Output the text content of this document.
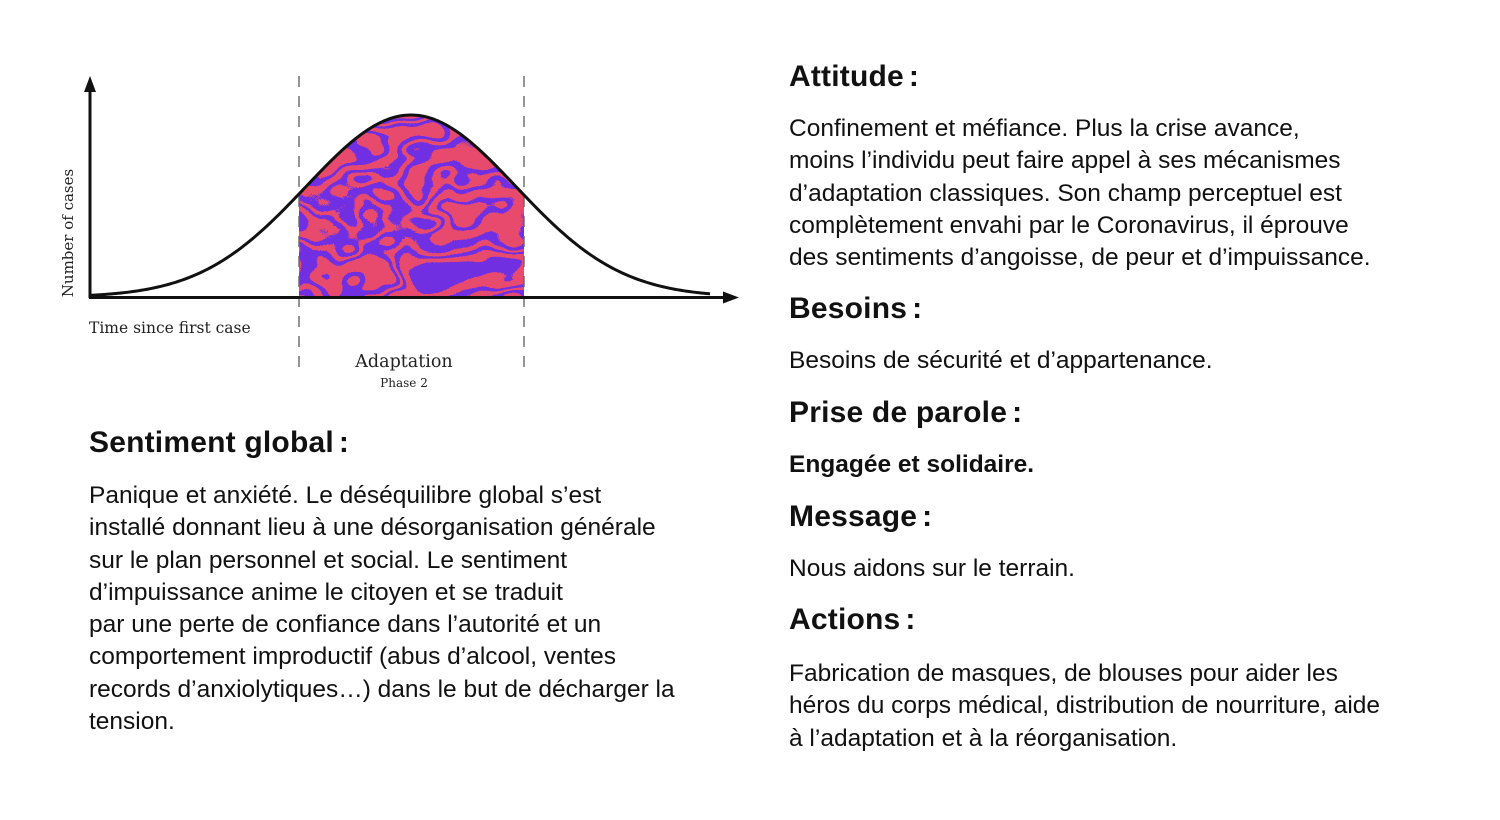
Number of cases
Time since first case
Adaptation
Phase 2
Sentiment global :
Panique et anxiété. Le déséquilibre global s’est
installé donnant lieu à une désorganisation générale
sur le plan personnel et social. Le sentiment
d’impuissance anime le citoyen et se traduit
par une perte de confiance dans l’autorité et un
comportement improductif (abus d’alcool, ventes
records d’anxiolytiques…) dans le but de décharger la
tension.
Attitude :
Confinement et méfiance. Plus la crise avance,
moins l’individu peut faire appel à ses mécanismes
d’adaptation classiques. Son champ perceptuel est
complètement envahi par le Coronavirus, il éprouve
des sentiments d’angoisse, de peur et d’impuissance.
Besoins :
Besoins de sécurité et d’appartenance.
Prise de parole :
Engagée et solidaire.
Message :
Nous aidons sur le terrain.
Actions :
Fabrication de masques, de blouses pour aider les
héros du corps médical, distribution de nourriture, aide
à l’adaptation et à la réorganisation.
